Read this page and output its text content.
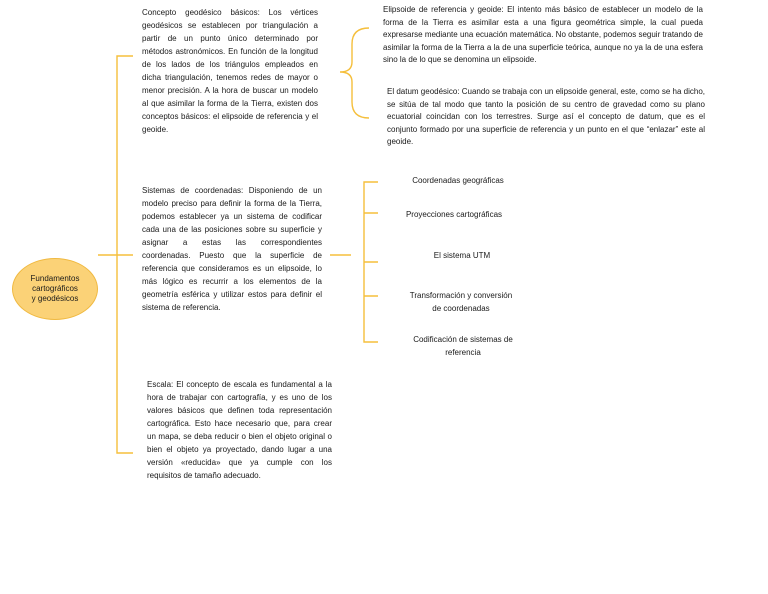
Fundamentos
cartográficos
y geodésicos

Concepto geodésico básicos: Los vértices geodésicos se establecen por triangulación a partir de un punto único determinado por métodos astronómicos. En función de la longitud de los lados de los triángulos empleados en dicha triangulación, tenemos redes de mayor o menor precisión. A la hora de buscar un modelo al que asimilar la forma de la Tierra, existen dos conceptos básicos: el elipsoide de referencia y el geoide.

Sistemas de coordenadas: Disponiendo de un modelo preciso para definir la forma de la Tierra, podemos establecer ya un sistema de codificar cada una de las posiciones sobre su superficie y asignar a estas las correspondientes coordenadas. Puesto que la superficie de referencia que consideramos es un elipsoide, lo más lógico es recurrir a los elementos de la geometría esférica y utilizar estos para definir el sistema de referencia.

Escala: El concepto de escala es fundamental a la hora de trabajar con cartografía, y es uno de los valores básicos que definen toda representación cartográfica. Esto hace necesario que, para crear un mapa, se deba reducir o bien el objeto original o bien el objeto ya proyectado, dando lugar a una versión «reducida» que ya cumple con los requisitos de tamaño adecuado.

Elipsoide de referencia y geoide: El intento más básico de establecer un modelo de la forma de la Tierra es asimilar esta a una figura geométrica simple, la cual pueda expresarse mediante una ecuación matemática. No obstante, podemos seguir tratando de asimilar la forma de la Tierra a la de una superficie teórica, aunque no ya la de una esfera sino la de lo que se denomina un elipsoide.

El datum geodésico: Cuando se trabaja con un elipsoide general, este, como se ha dicho, se sitúa de tal modo que tanto la posición de su centro de gravedad como su plano ecuatorial coincidan con los terrestres. Surge así el concepto de datum, que es el conjunto formado por una superficie de referencia y un punto en el que “enlazar” este al geoide.

Coordenadas geográficas
Proyecciones cartográficas
El sistema UTM
Transformación y conversión
de coordenadas
Codificación de sistemas de
referencia
